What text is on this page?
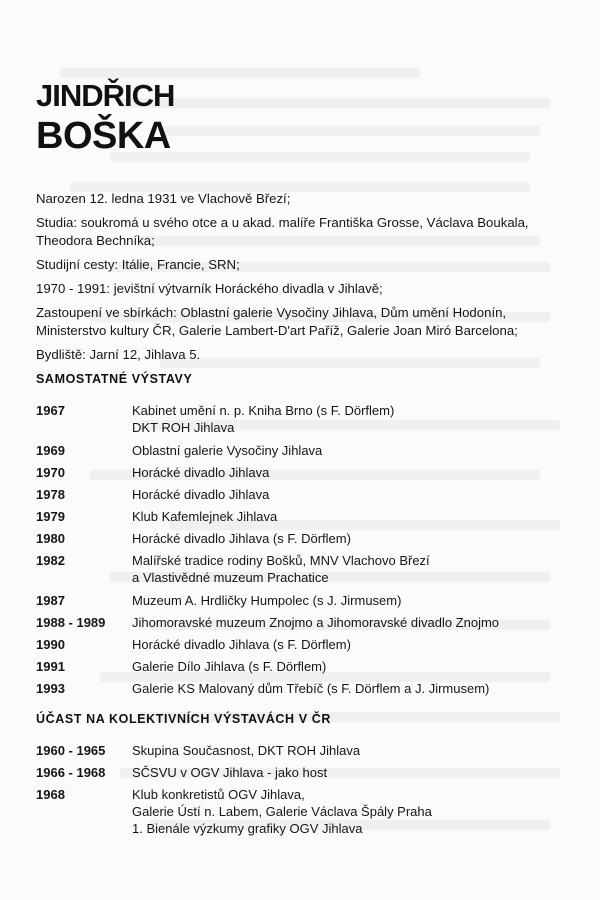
JINDŘICH
BOŠKA

Narozen 12. ledna 1931 ve Vlachově Březí;

Studia: soukromá u svého otce a u akad. malíře Františka Grosse, Václava Boukala, Theodora Bechníka;

Studijní cesty: Itálie, Francie, SRN;

1970 - 1991: jevištní výtvarník Horáckého divadla v Jihlavě;

Zastoupení ve sbírkách: Oblastní galerie Vysočiny Jihlava, Dům umění Hodonín, Ministerstvo kultury ČR, Galerie Lambert-D'art Paříž, Galerie Joan Miró Barcelona;

Bydliště: Jarní 12, Jihlava 5.

SAMOSTATNÉ VÝSTAVY
1967	Kabinet umění n. p. Kniha Brno (s F. Dörflem)
DKT ROH Jihlava
1969	Oblastní galerie Vysočiny Jihlava
1970	Horácké divadlo Jihlava
1978	Horácké divadlo Jihlava
1979	Klub Kafemlejnek Jihlava
1980	Horácké divadlo Jihlava (s F. Dörflem)
1982	Malířské tradice rodiny Bošků, MNV Vlachovo Březí
a Vlastivědné muzeum Prachatice
1987	Muzeum A. Hrdličky Humpolec (s J. Jirmusem)
1988 - 1989	Jihomoravské muzeum Znojmo a Jihomoravské divadlo Znojmo
1990	Horácké divadlo Jihlava (s F. Dörflem)
1991	Galerie Dílo Jihlava (s F. Dörflem)
1993	Galerie KS Malovaný dům Třebíč (s F. Dörflem a J. Jirmusem)
ÚČAST NA KOLEKTIVNÍCH VÝSTAVÁCH V ČR
1960 - 1965	Skupina Současnost, DKT ROH Jihlava
1966 - 1968	SČSVU v OGV Jihlava - jako host
1968	Klub konkretistů OGV Jihlava,
Galerie Ústí n. Labem, Galerie Václava Špály Praha
1. Bienále výzkumy grafiky OGV Jihlava
